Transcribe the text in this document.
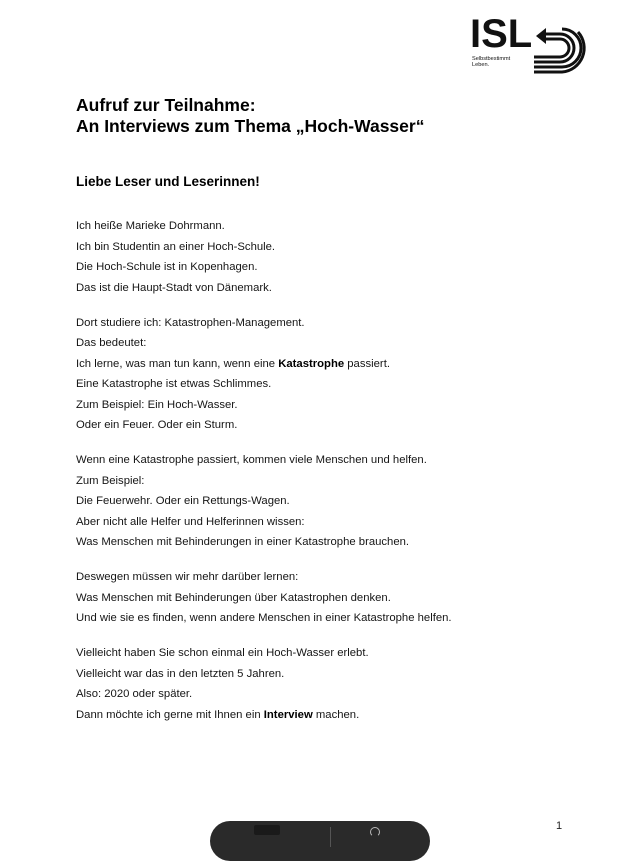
ISL
Selbstbestimmt
Leben.
Aufruf zur Teilnahme:
An Interviews zum Thema „Hoch-Wasser“
Liebe Leser und Leserinnen!
Ich heiße Marieke Dohrmann.
Ich bin Studentin an einer Hoch-Schule.
Die Hoch-Schule ist in Kopenhagen.
Das ist die Haupt-Stadt von Dänemark.
Dort studiere ich: Katastrophen-Management.
Das bedeutet:
Ich lerne, was man tun kann, wenn eine Katastrophe passiert.
Eine Katastrophe ist etwas Schlimmes.
Zum Beispiel: Ein Hoch-Wasser.
Oder ein Feuer. Oder ein Sturm.
Wenn eine Katastrophe passiert, kommen viele Menschen und helfen.
Zum Beispiel:
Die Feuerwehr. Oder ein Rettungs-Wagen.
Aber nicht alle Helfer und Helferinnen wissen:
Was Menschen mit Behinderungen in einer Katastrophe brauchen.
Deswegen müssen wir mehr darüber lernen:
Was Menschen mit Behinderungen über Katastrophen denken.
Und wie sie es finden, wenn andere Menschen in einer Katastrophe helfen.
Vielleicht haben Sie schon einmal ein Hoch-Wasser erlebt.
Vielleicht war das in den letzten 5 Jahren.
Also: 2020 oder später.
Dann möchte ich gerne mit Ihnen ein Interview machen.
1
